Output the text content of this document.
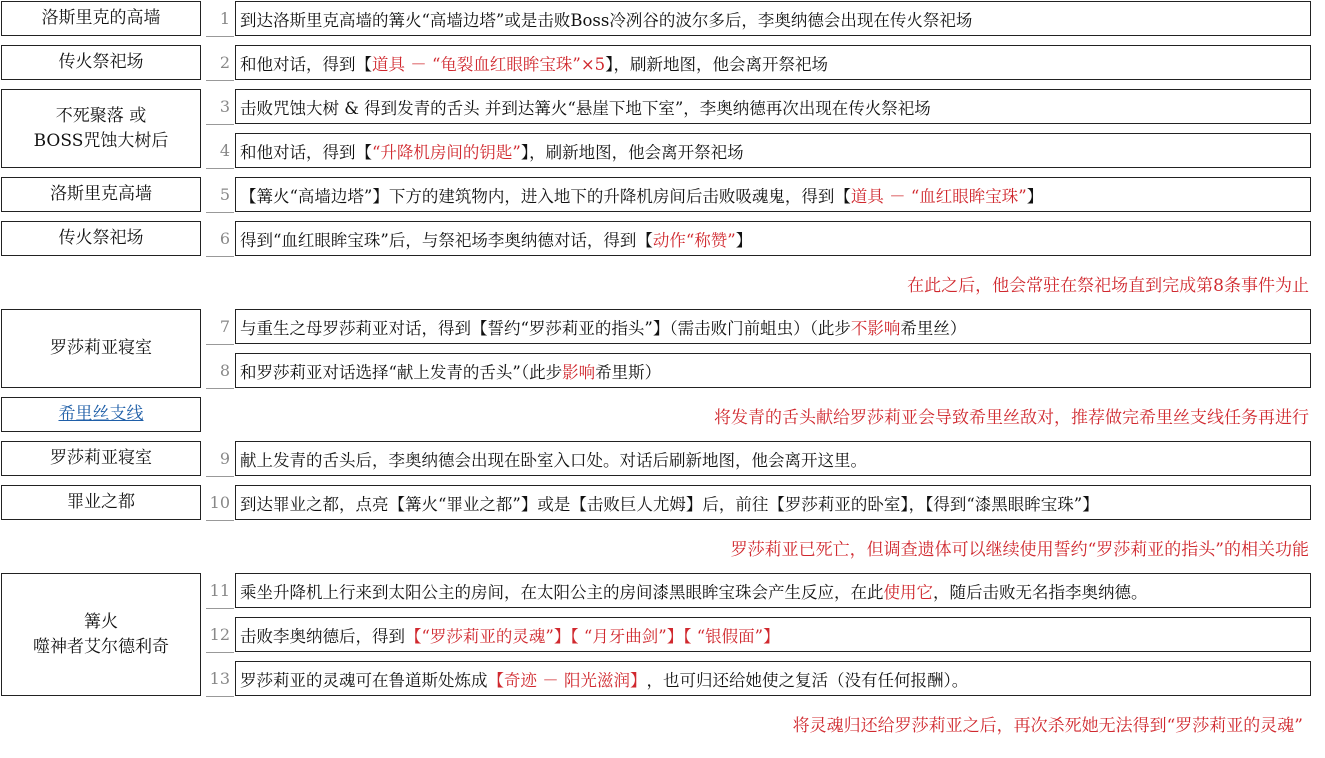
洛斯里克的高墙
传火祭祀场
不死聚落 或
BOSS咒蚀大树后
洛斯里克高墙
传火祭祀场
罗莎莉亚寝室
希里丝支线
罗莎莉亚寝室
罪业之都
篝火
噬神者艾尔德利奇
1 到达洛斯里克高墙的篝火“高墙边塔”或是击败Boss冷冽谷的波尔多后，李奥纳德会出现在传火祭祀场
2 和他对话，得到【 道具 － “龟裂血红眼眸宝珠”×5 】，刷新地图，他会离开祭祀场
3 击败咒蚀大树 & 得到发青的舌头 并到达篝火“悬崖下地下室”，李奥纳德再次出现在传火祭祀场
4 和他对话，得到【 “升降机房间的钥匙” 】，刷新地图，他会离开祭祀场
5 【篝火“高墙边塔”】下方的建筑物内，进入地下的升降机房间后击败吸魂鬼，得到【 道具 － “血红眼眸宝珠” 】
6 得到“血红眼眸宝珠”后，与祭祀场李奥纳德对话，得到【 动作“称赞” 】
在此之后，他会常驻在祭祀场直到完成第8条事件为止
7 与重生之母罗莎莉亚对话，得到【誓约“罗莎莉亚的指头”】（需击败门前蛆虫）（此步 不影响 希里丝）
8 和罗莎莉亚对话选择“献上发青的舌头”（此步 影响 希里斯）
将发青的舌头献给罗莎莉亚会导致希里丝敌对，推荐做完希里丝支线任务再进行
9 献上发青的舌头后，李奥纳德会出现在卧室入口处。对话后刷新地图，他会离开这里。
10 到达罪业之都，点亮【篝火“罪业之都”】或是【击败巨人尤姆】后，前往【罗莎莉亚的卧室】，【得到“漆黑眼眸宝珠”】
罗莎莉亚已死亡，但调查遗体可以继续使用誓约“罗莎莉亚的指头”的相关功能
11 乘坐升降机上行来到太阳公主的房间，在太阳公主的房间漆黑眼眸宝珠会产生反应，在此 使用它 ，随后击败无名指李奥纳德。
12 击败李奥纳德后，得到 【“罗莎莉亚的灵魂”】【 “月牙曲剑”】【 “银假面”】
13 罗莎莉亚的灵魂可在鲁道斯处炼成 【奇迹 － 阳光滋润】 ，也可归还给她使之复活（没有任何报酬）。
将灵魂归还给罗莎莉亚之后，再次杀死她无法得到“罗莎莉亚的灵魂”
